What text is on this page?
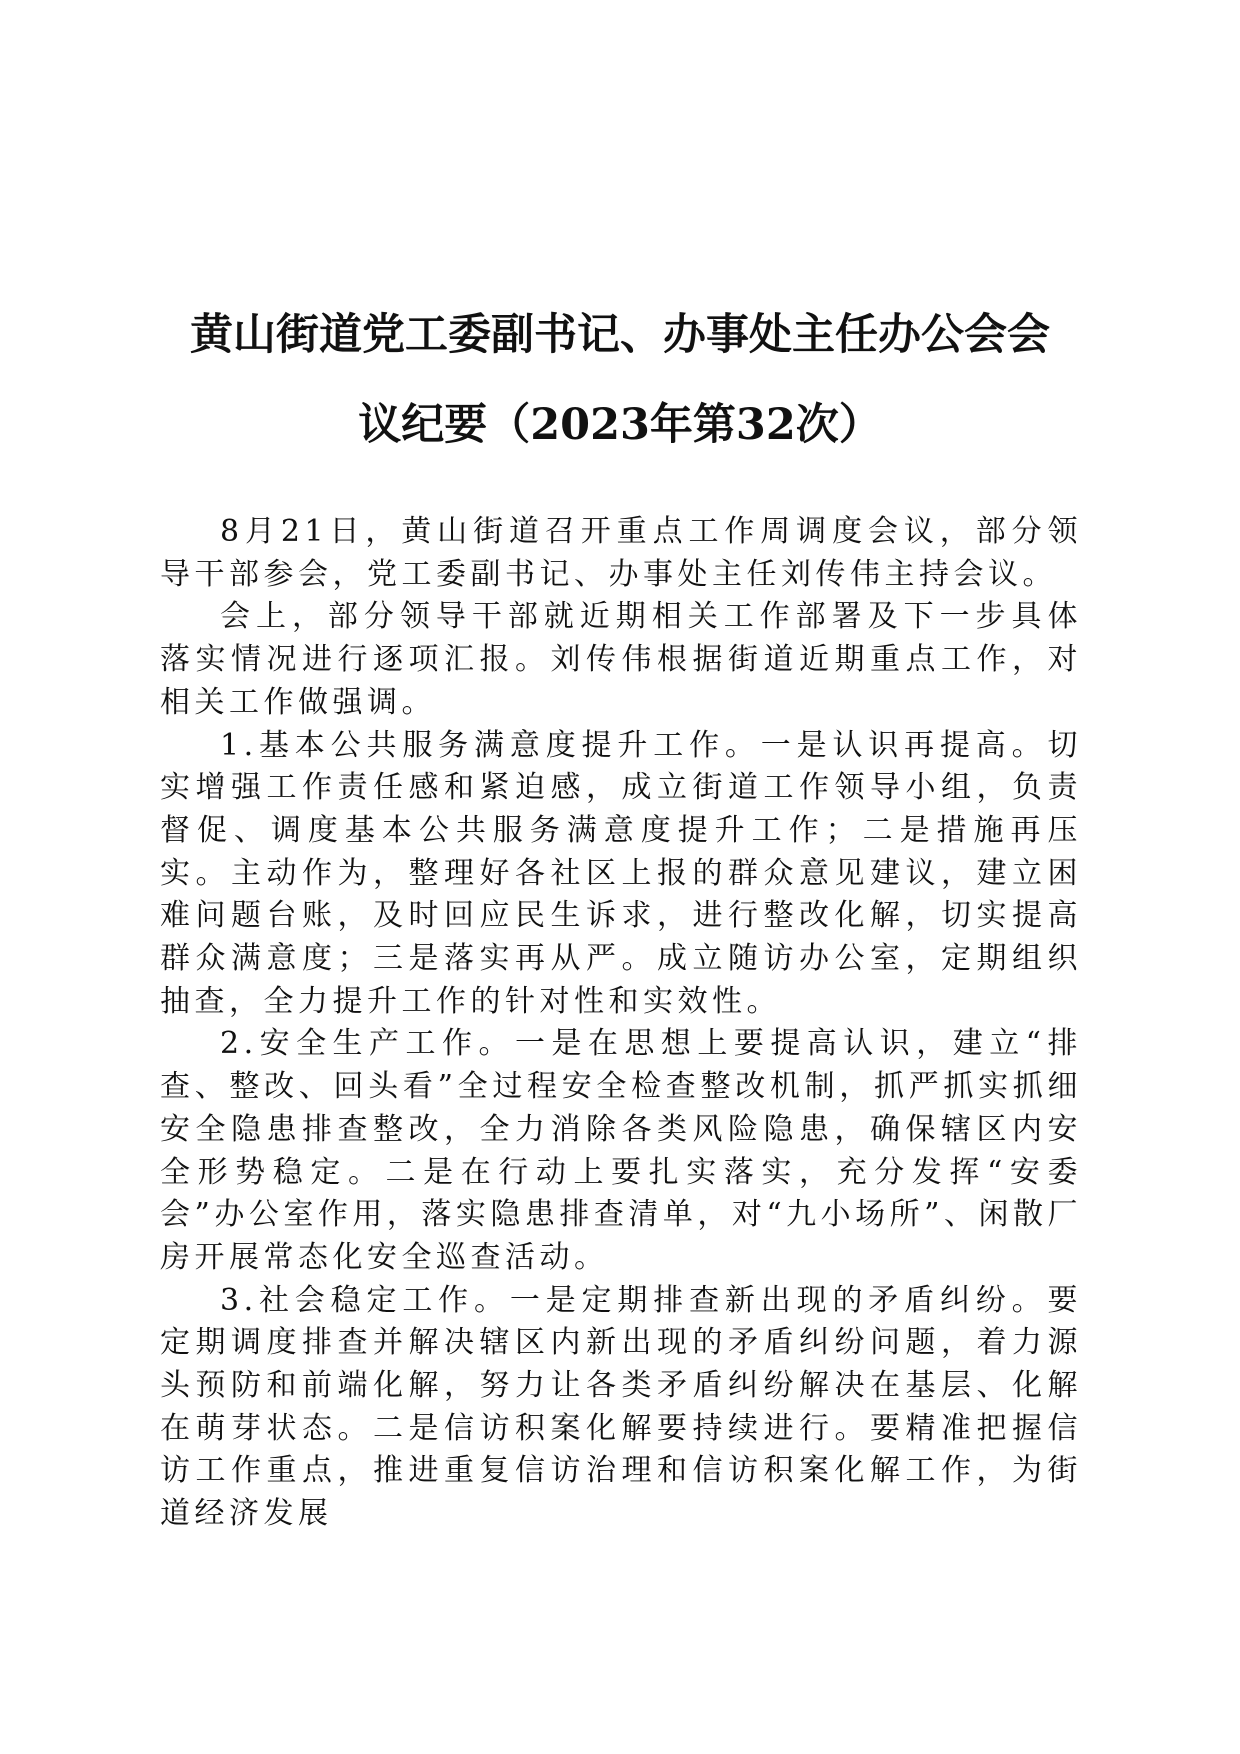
黄山街道党工委副书记、办事处主任办公会会
议纪要（2023年第32次）

8月21日，黄山街道召开重点工作周调度会议，部分领导干部参会，党工委副书记、办事处主任刘传伟主持会议。

会上，部分领导干部就近期相关工作部署及下一步具体落实情况进行逐项汇报。刘传伟根据街道近期重点工作，对相关工作做强调。

1.基本公共服务满意度提升工作。一是认识再提高。切实增强工作责任感和紧迫感，成立街道工作领导小组，负责督促、调度基本公共服务满意度提升工作；二是措施再压实。主动作为，整理好各社区上报的群众意见建议，建立困难问题台账，及时回应民生诉求，进行整改化解，切实提高群众满意度；三是落实再从严。成立随访办公室，定期组织抽查，全力提升工作的针对性和实效性。

2.安全生产工作。一是在思想上要提高认识，建立“排查、整改、回头看”全过程安全检查整改机制，抓严抓实抓细安全隐患排查整改，全力消除各类风险隐患，确保辖区内安全形势稳定。二是在行动上要扎实落实，充分发挥“安委会”办公室作用，落实隐患排查清单，对“九小场所”、闲散厂房开展常态化安全巡查活动。

3.社会稳定工作。一是定期排查新出现的矛盾纠纷。要定期调度排查并解决辖区内新出现的矛盾纠纷问题，着力源头预防和前端化解，努力让各类矛盾纠纷解决在基层、化解在萌芽状态。二是信访积案化解要持续进行。要精准把握信访工作重点，推进重复信访治理和信访积案化解工作，为街道经济发展
